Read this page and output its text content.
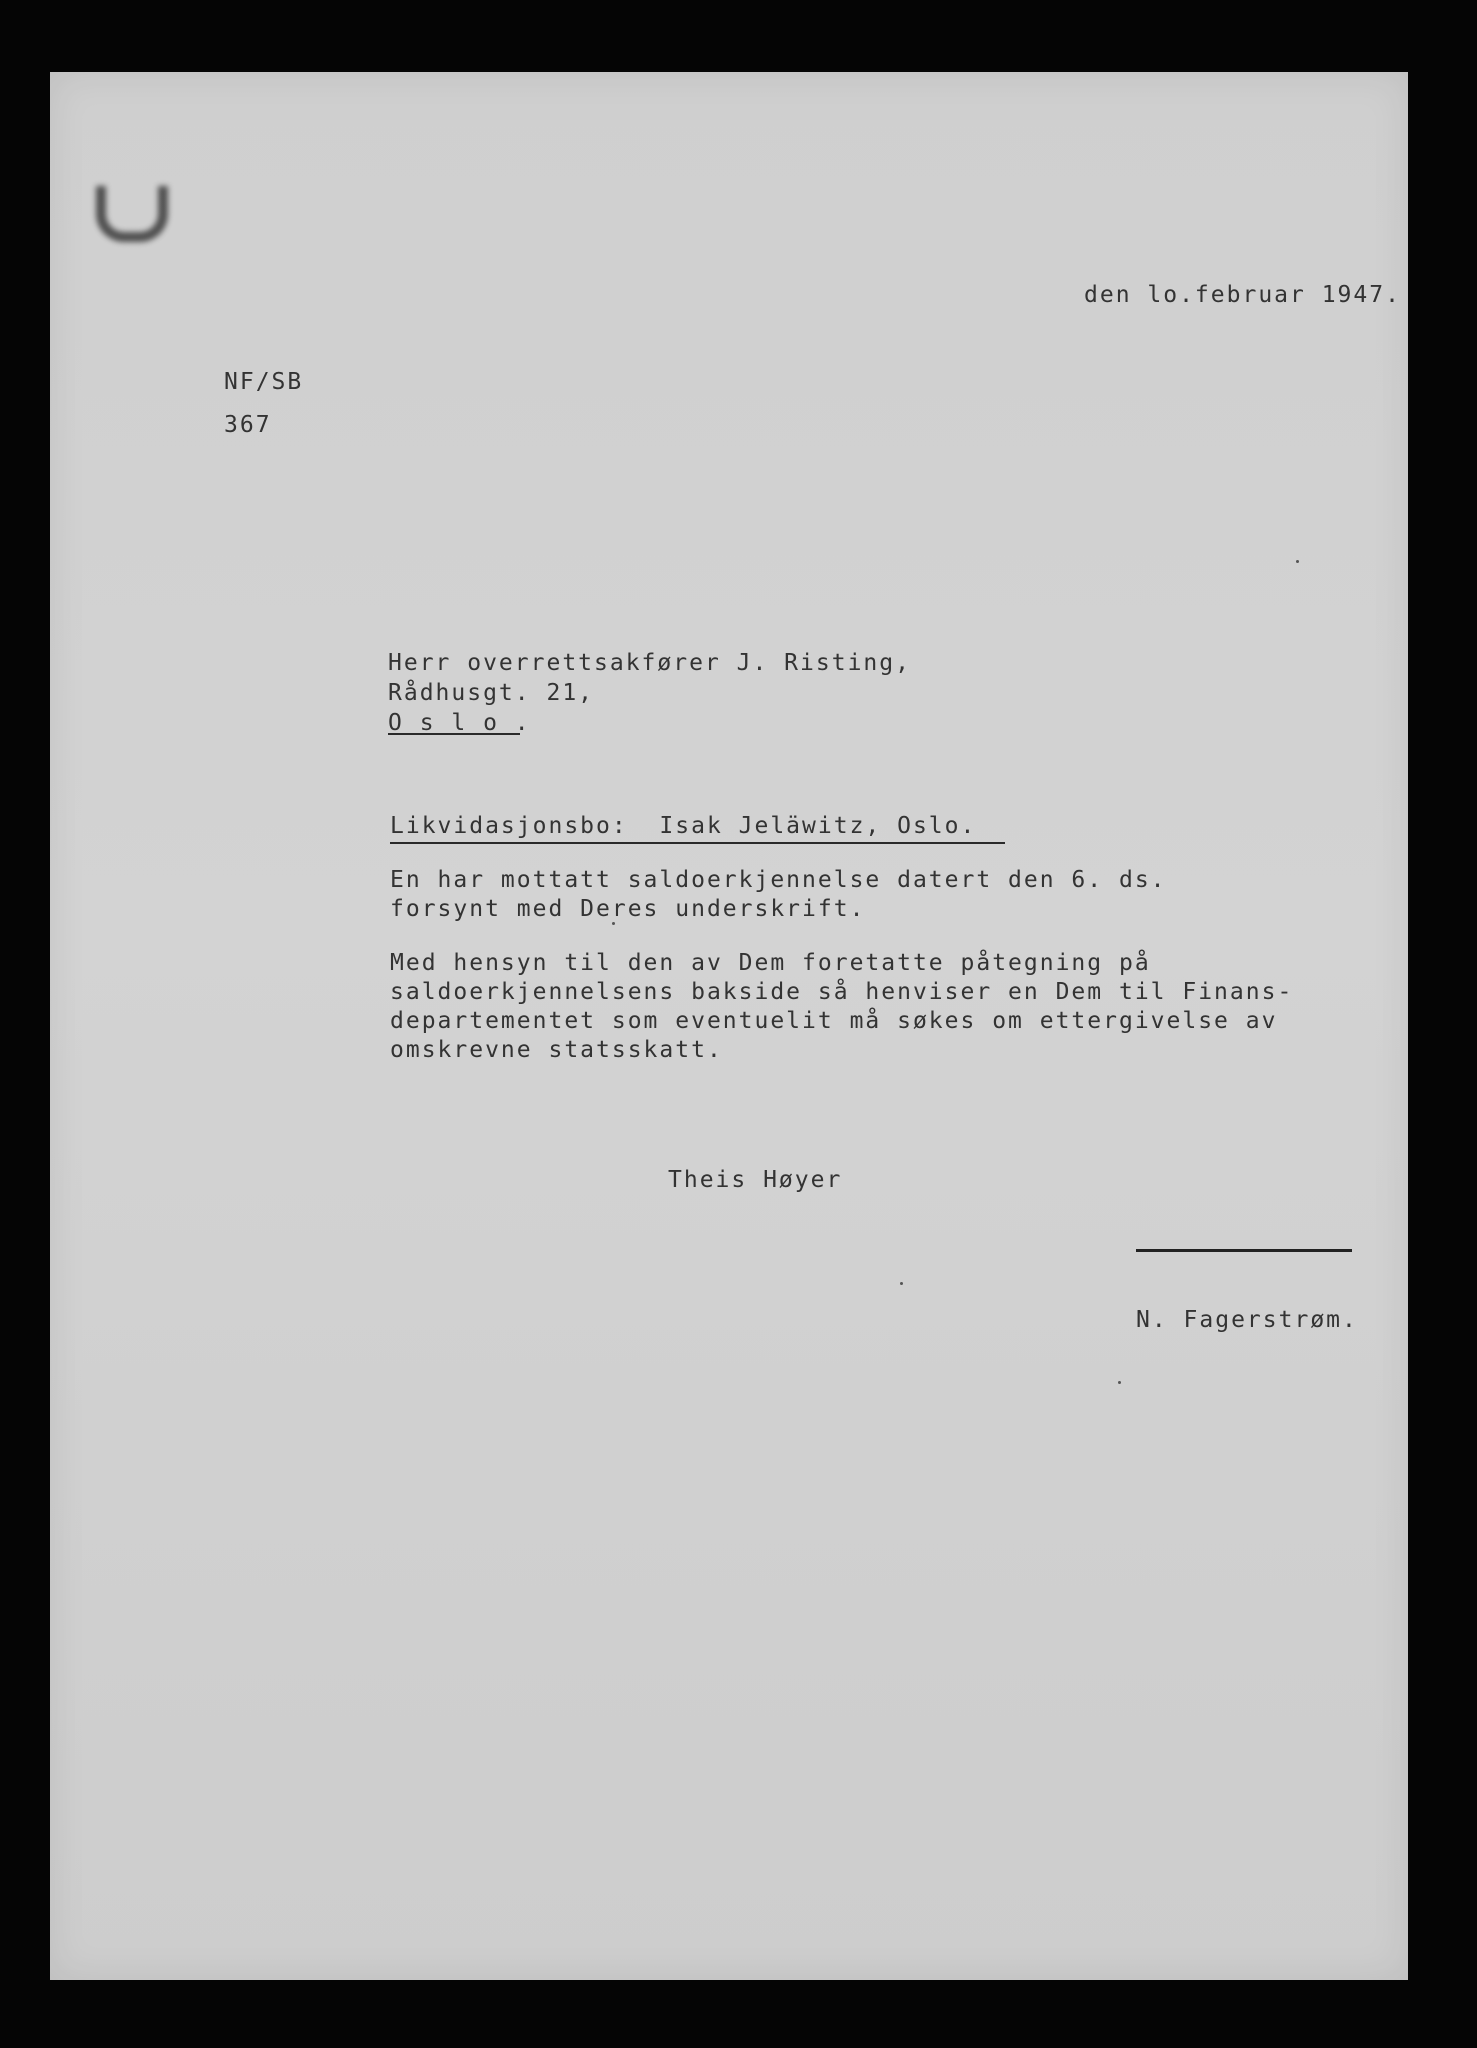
den lo.februar 1947.
NF/SB
367
Herr overrettsakfører J. Risting,
Rådhusgt. 21,
O s l o .
Likvidasjonsbo:  Isak Jeläwitz, Oslo.
En har mottatt saldoerkjennelse datert den 6. ds.
forsynt med Deres underskrift.
Med hensyn til den av Dem foretatte påtegning på
saldoerkjennelsens bakside så henviser en Dem til Finans-
departementet som eventuelit må søkes om ettergivelse av
omskrevne statsskatt.
Theis Høyer
N. Fagerstrøm.
